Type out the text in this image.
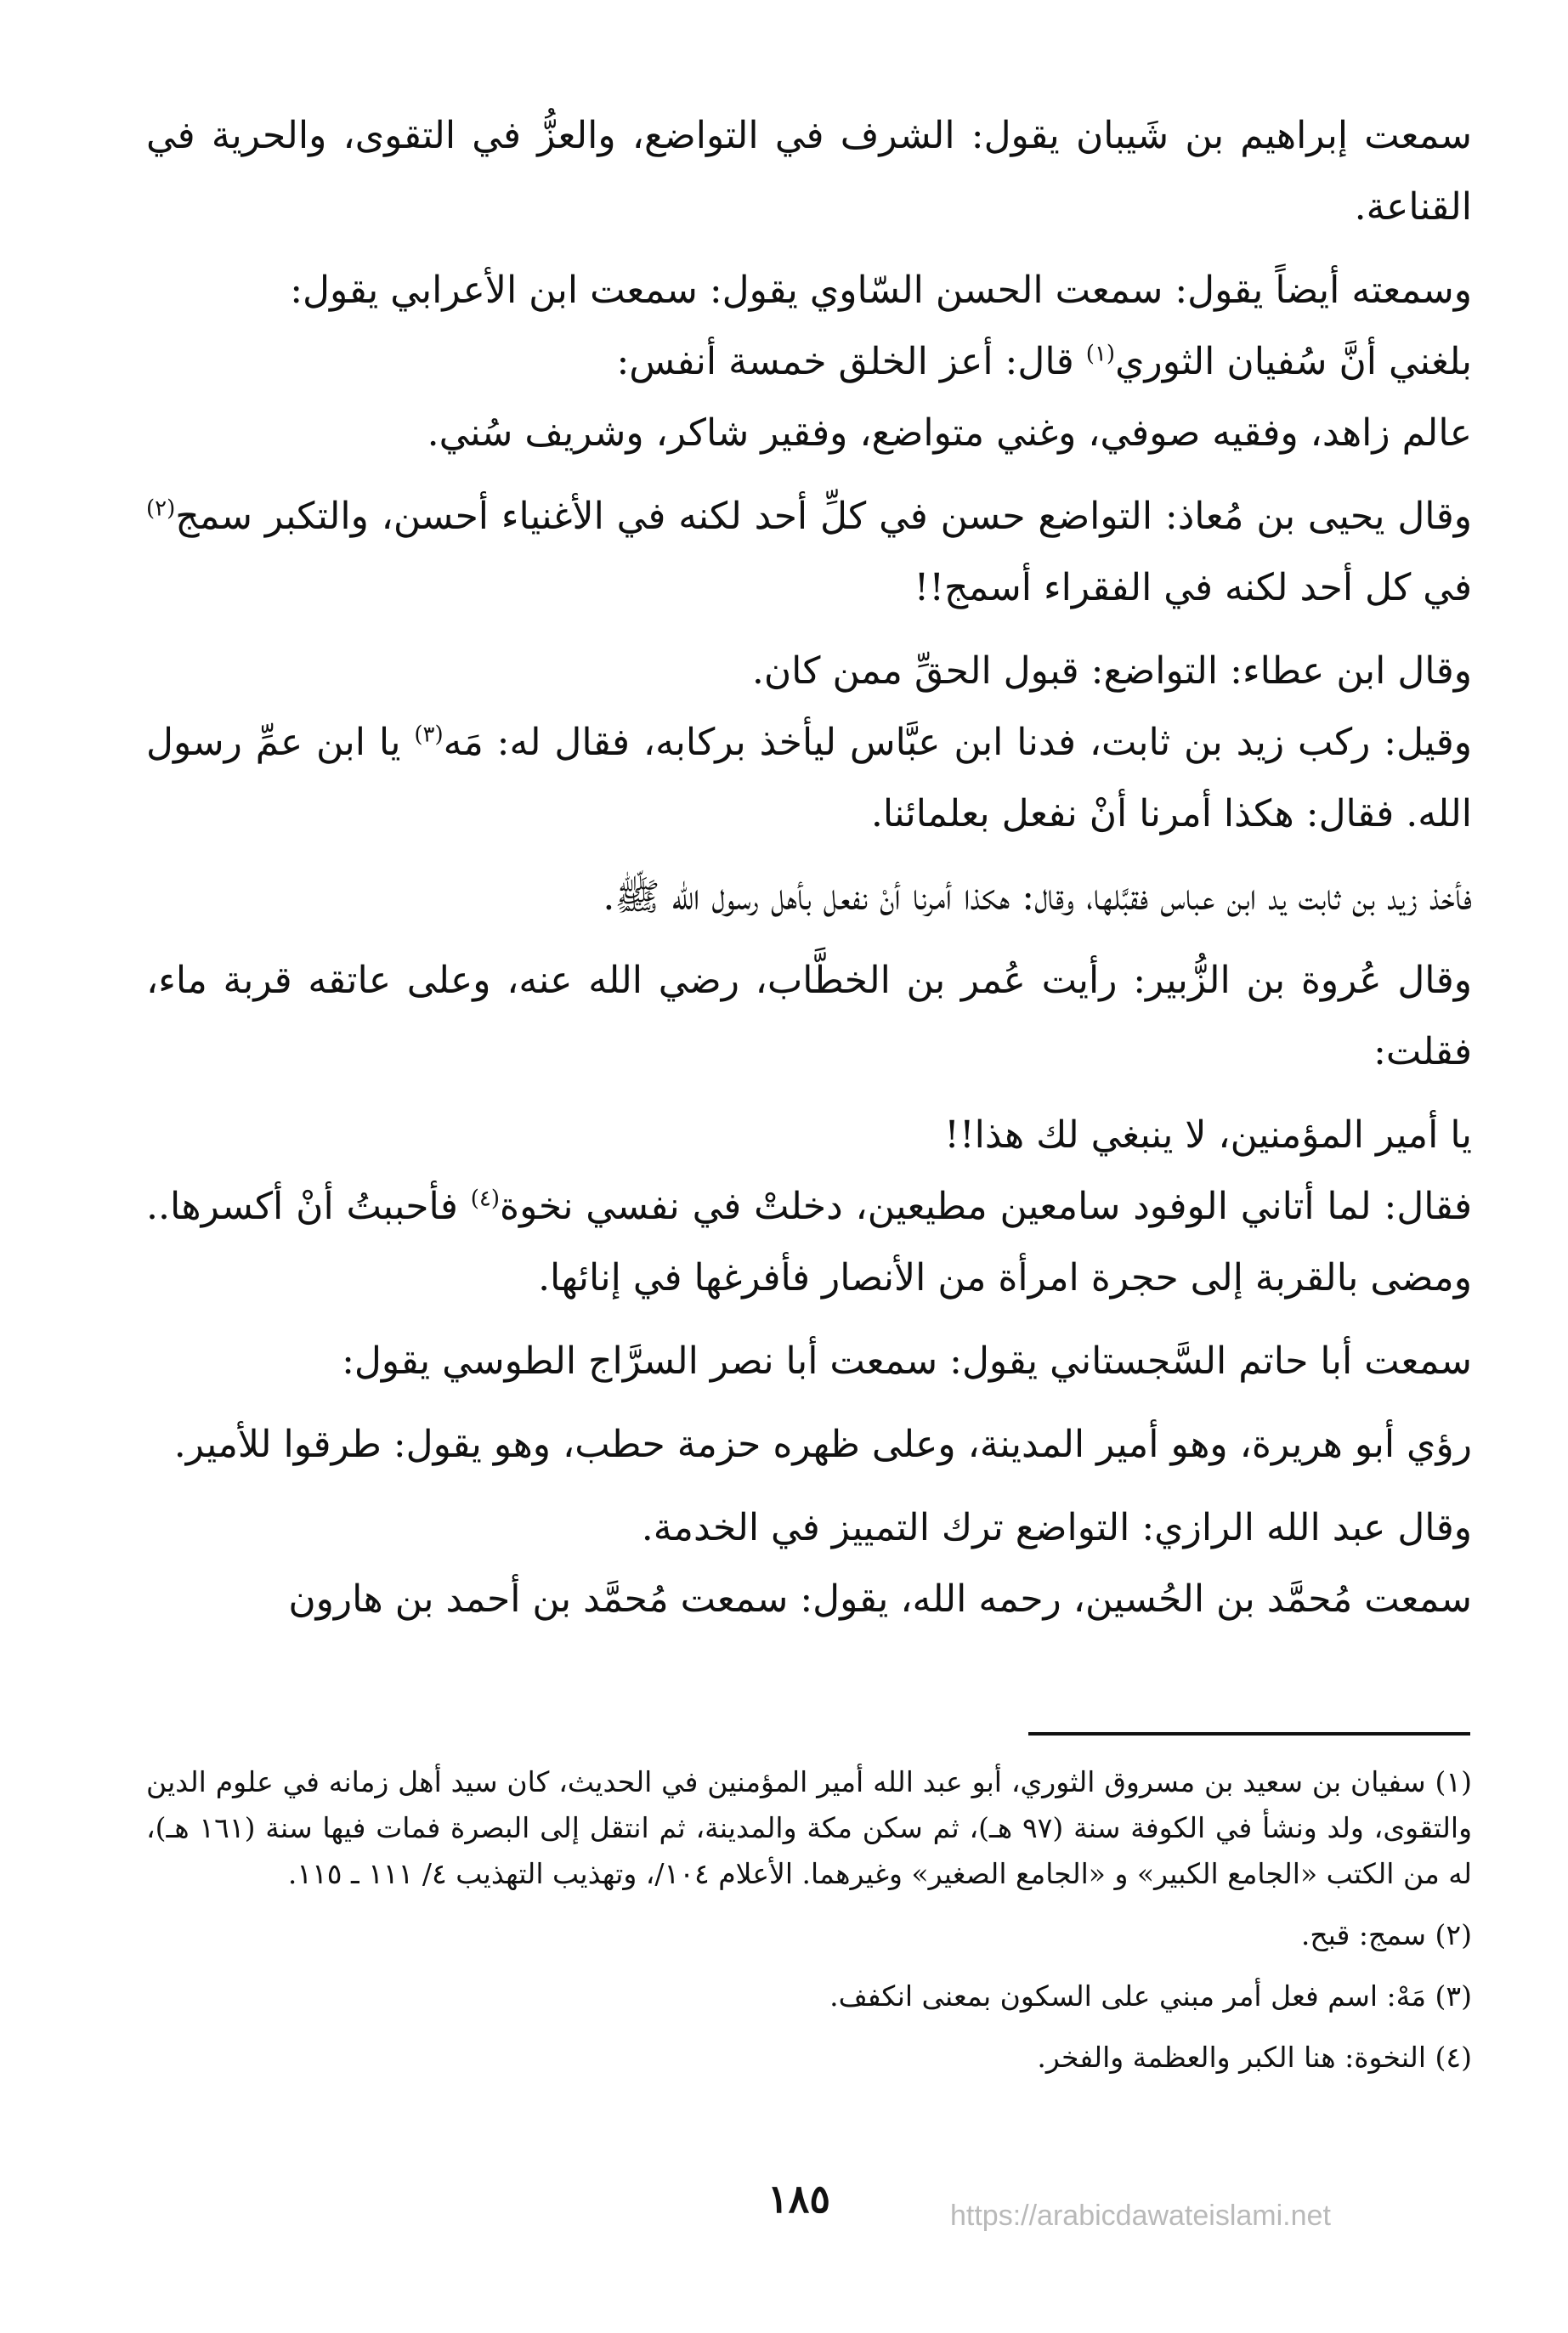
سمعت إبراهيم بن شَيبان يقول: الشرف في التواضع، والعزُّ في التقوى، والحرية في القناعة.

وسمعته أيضاً يقول: سمعت الحسن السّاوي يقول: سمعت ابن الأعرابي يقول:

بلغني أنَّ سُفيان الثوري$^{(١)}$ قال: أعز الخلق خمسة أنفس:

عالم زاهد، وفقيه صوفي، وغني متواضع، وفقير شاكر، وشريف سُني.

وقال يحيى بن مُعاذ: التواضع حسن في كلِّ أحد لكنه في الأغنياء أحسن، والتكبر سمج$^{(٢)}$ في كل أحد لكنه في الفقراء أسمج!!

وقال ابن عطاء: التواضع: قبول الحقِّ ممن كان.

وقيل: ركب زيد بن ثابت، فدنا ابن عبَّاس ليأخذ بركابه، فقال له: مَه$^{(٣)}$ يا ابن عمِّ رسول الله. فقال: هكذا أمرنا أنْ نفعل بعلمائنا.

فأخذ زيد بن ثابت يد ابن عباس فقبَّلها، وقال: هكذا أمرنا أنْ نفعل بأهل رسول الله ﷺ.

وقال عُروة بن الزُّبير: رأيت عُمر بن الخطَّاب، رضي الله عنه، وعلى عاتقه قربة ماء، فقلت:

يا أمير المؤمنين، لا ينبغي لك هذا!!

فقال: لما أتاني الوفود سامعين مطيعين، دخلتْ في نفسي نخوة$^{(٤)}$ فأحببتُ أنْ أكسرها.. ومضى بالقربة إلى حجرة امرأة من الأنصار فأفرغها في إنائها.

سمعت أبا حاتم السَّجستاني يقول: سمعت أبا نصر السرَّاج الطوسي يقول:

رؤي أبو هريرة، وهو أمير المدينة، وعلى ظهره حزمة حطب، وهو يقول: طرقوا للأمير.

وقال عبد الله الرازي: التواضع ترك التمييز في الخدمة.

سمعت مُحمَّد بن الحُسين، رحمه الله، يقول: سمعت مُحمَّد بن أحمد بن هارون

(١) سفيان بن سعيد بن مسروق الثوري، أبو عبد الله أمير المؤمنين في الحديث، كان سيد أهل زمانه في علوم الدين والتقوى، ولد ونشأ في الكوفة سنة (٩٧ هـ)، ثم سكن مكة والمدينة، ثم انتقل إلى البصرة فمات فيها سنة (١٦١ هـ)، له من الكتب «الجامع الكبير» و «الجامع الصغير» وغيرهما. الأعلام ١٠٤/، وتهذيب التهذيب ٤/ ١١١ ـ ١١٥.

(٢) سمج: قبح.

(٣) مَهْ: اسم فعل أمر مبني على السكون بمعنى انكفف.

(٤) النخوة: هنا الكبر والعظمة والفخر.

١٨٥	https://arabicdawateislami.net
